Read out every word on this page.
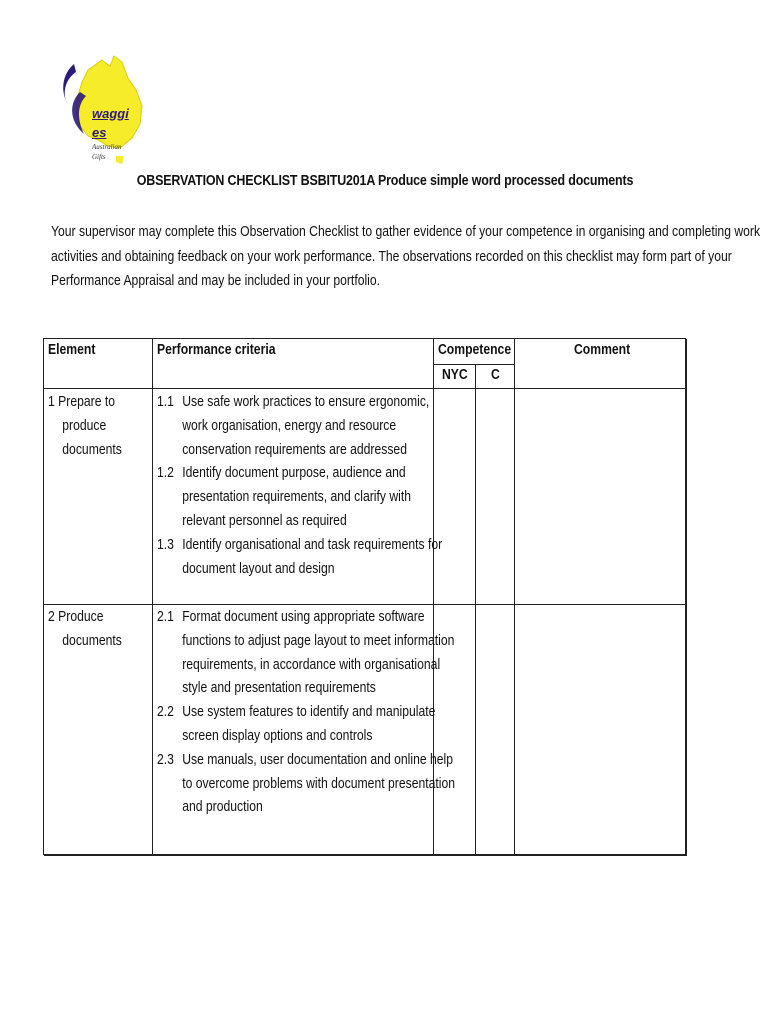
waggies
Australian
Gifts
OBSERVATION CHECKLIST BSBITU201A Produce simple word processed documents
Your supervisor may complete this Observation Checklist to gather evidence of your competence in organising and completing work
activities and obtaining feedback on your work performance. The observations recorded on this checklist may form part of your
Performance Appraisal and may be included in your portfolio.
Element	Performance criteria	Competence
NYC C
Comment
1 Prepare to
produce
documents
1.1 Use safe work practices to ensure ergonomic,
work organisation, energy and resource
conservation requirements are addressed
1.2 Identify document purpose, audience and
presentation requirements, and clarify with
relevant personnel as required
1.3 Identify organisational and task requirements for
document layout and design
2 Produce
documents
2.1 Format document using appropriate software
functions to adjust page layout to meet information
requirements, in accordance with organisational
style and presentation requirements
2.2 Use system features to identify and manipulate
screen display options and controls
2.3 Use manuals, user documentation and online help
to overcome problems with document presentation
and production
